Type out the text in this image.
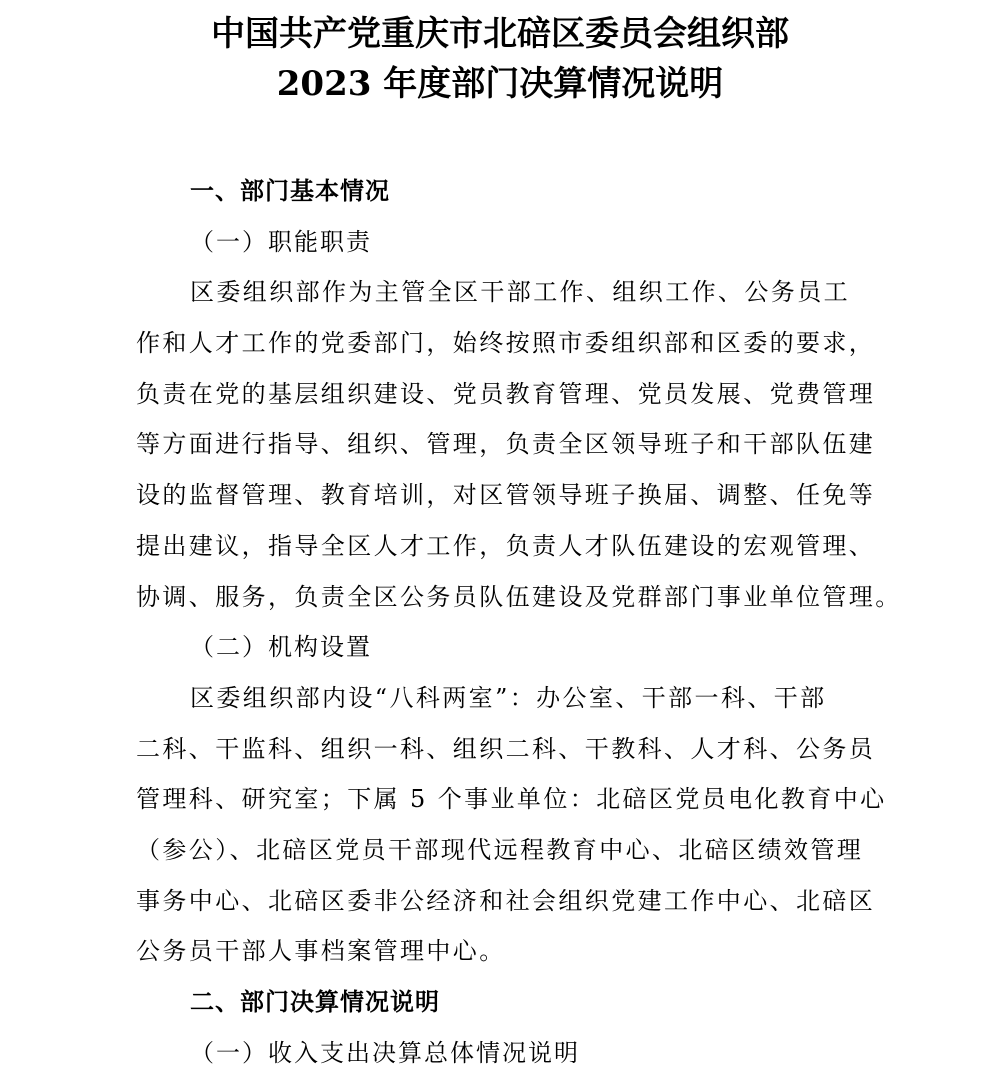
中国共产党重庆市北碚区委员会组织部
2023 年度部门决算情况说明
一、部门基本情况
（一）职能职责
区委组织部作为主管全区干部工作、组织工作、公务员工
作和人才工作的党委部门，始终按照市委组织部和区委的要求，
负责在党的基层组织建设、党员教育管理、党员发展、党费管理
等方面进行指导、组织、管理，负责全区领导班子和干部队伍建
设的监督管理、教育培训，对区管领导班子换届、调整、任免等
提出建议，指导全区人才工作，负责人才队伍建设的宏观管理、
协调、服务，负责全区公务员队伍建设及党群部门事业单位管理。
（二）机构设置
区委组织部内设“八科两室”：办公室、干部一科、干部
二科、干监科、组织一科、组织二科、干教科、人才科、公务员
管理科、研究室；下属 5 个事业单位：北碚区党员电化教育中心
（参公）、北碚区党员干部现代远程教育中心、北碚区绩效管理
事务中心、北碚区委非公经济和社会组织党建工作中心、北碚区
公务员干部人事档案管理中心。
二、部门决算情况说明
（一）收入支出决算总体情况说明
